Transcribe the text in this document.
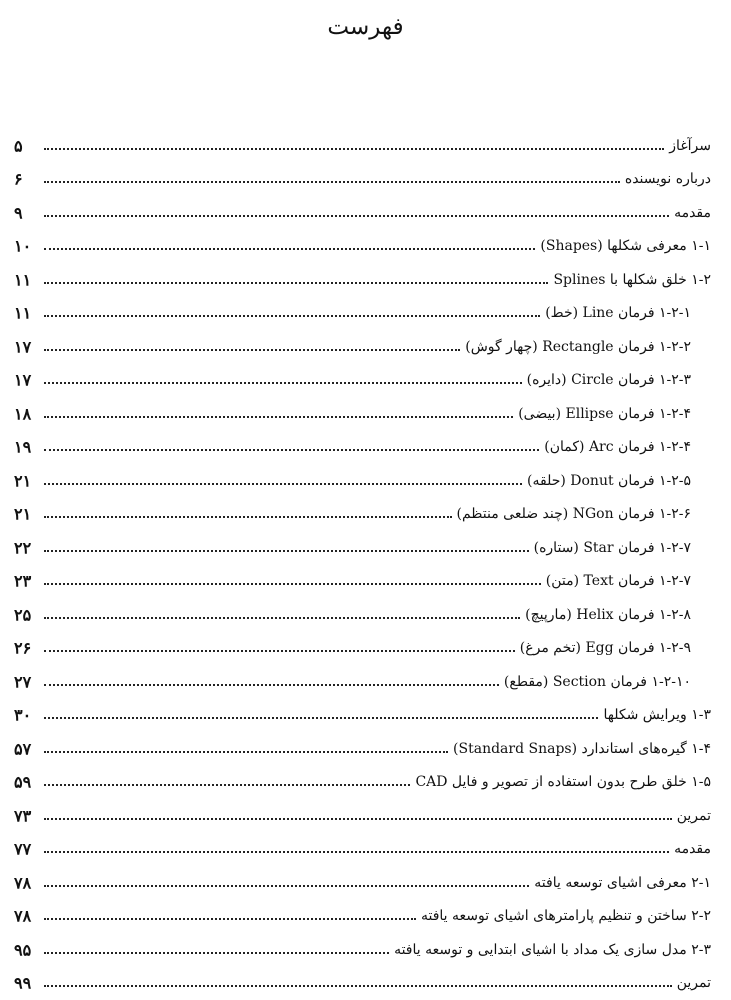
فهرست
۵	سرآغاز
۶	درباره نویسنده
۹	مقدمه
۱۰	۱-۱ معرفی شکلها (Shapes)
۱۱	۱-۲ خلق شکلها با Splines
۱۱	۱-۲-۱ فرمان Line (خط)
۱۷	۱-۲-۲ فرمان Rectangle (چهار گوش)
۱۷	۱-۲-۳ فرمان Circle (دایره)
۱۸	۱-۲-۴ فرمان Ellipse (بیضی)
۱۹	۱-۲-۴ فرمان Arc (کمان)
۲۱	۱-۲-۵ فرمان Donut (حلقه)
۲۱	۱-۲-۶ فرمان NGon (چند ضلعی منتظم)
۲۲	۱-۲-۷ فرمان Star (ستاره)
۲۳	۱-۲-۷ فرمان Text (متن)
۲۵	۱-۲-۸ فرمان Helix (مارپیچ)
۲۶	۱-۲-۹ فرمان Egg (تخم مرغ)
۲۷	۱-۲-۱۰ فرمان Section (مقطع)
۳۰	۱-۳ ویرایش شکلها
۵۷	۱-۴ گیره‌های استاندارد (Standard Snaps)
۵۹	۱-۵ خلق طرح بدون استفاده از تصویر و فایل CAD
۷۳	تمرین
۷۷	مقدمه
۷۸	۲-۱ معرفی اشیای توسعه یافته
۷۸	۲-۲ ساختن و تنظیم پارامترهای اشیای توسعه یافته
۹۵	۲-۳ مدل سازی یک مداد با اشیای ابتدایی و توسعه یافته
۹۹	تمرین
